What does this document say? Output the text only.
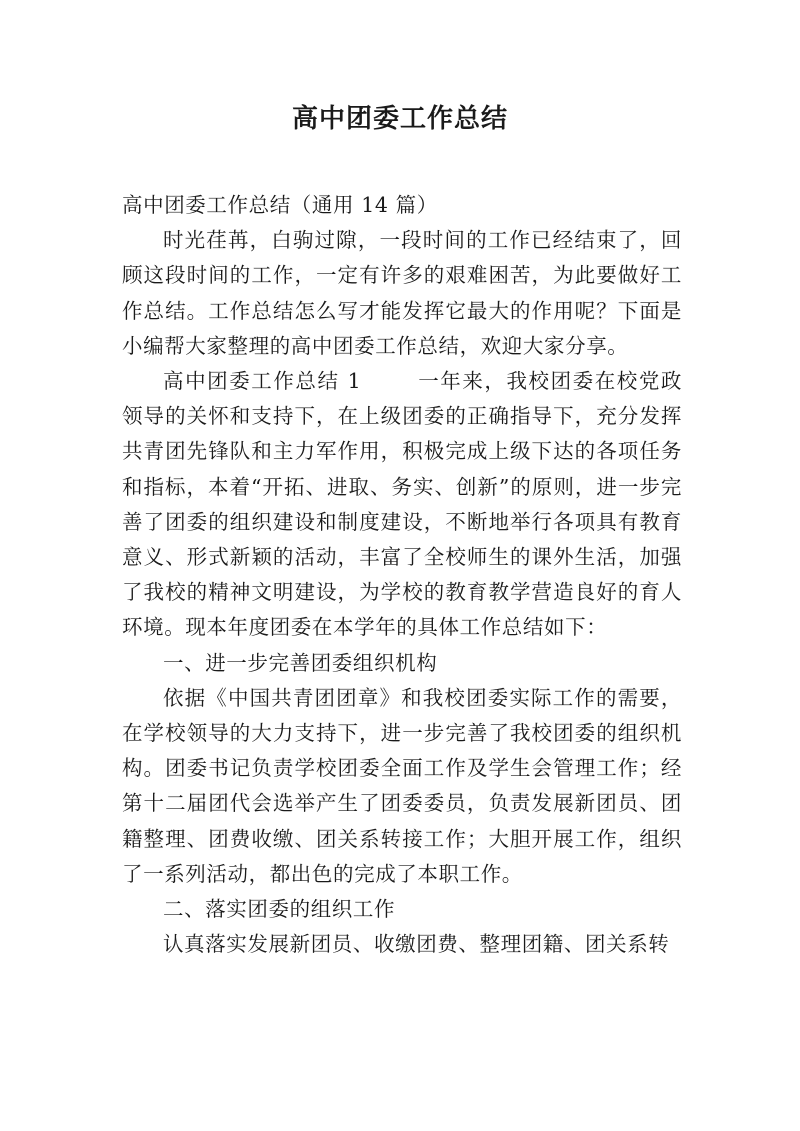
高中团委工作总结

高中团委工作总结（通用 14 篇）

时光荏苒，白驹过隙，一段时间的工作已经结束了，回顾这段时间的工作，一定有许多的艰难困苦，为此要做好工作总结。工作总结怎么写才能发挥它最大的作用呢？下面是小编帮大家整理的高中团委工作总结，欢迎大家分享。

高中团委工作总结 1	一年来，我校团委在校党政领导的关怀和支持下，在上级团委的正确指导下，充分发挥共青团先锋队和主力军作用，积极完成上级下达的各项任务和指标，本着“开拓、进取、务实、创新”的原则，进一步完善了团委的组织建设和制度建设，不断地举行各项具有教育意义、形式新颖的活动，丰富了全校师生的课外生活，加强了我校的精神文明建设，为学校的教育教学营造良好的育人环境。现本年度团委在本学年的具体工作总结如下：

一、进一步完善团委组织机构

依据《中国共青团团章》和我校团委实际工作的需要，在学校领导的大力支持下，进一步完善了我校团委的组织机构。团委书记负责学校团委全面工作及学生会管理工作；经第十二届团代会选举产生了团委委员，负责发展新团员、团籍整理、团费收缴、团关系转接工作；大胆开展工作，组织了一系列活动，都出色的完成了本职工作。

二、落实团委的组织工作

认真落实发展新团员、收缴团费、整理团籍、团关系转
